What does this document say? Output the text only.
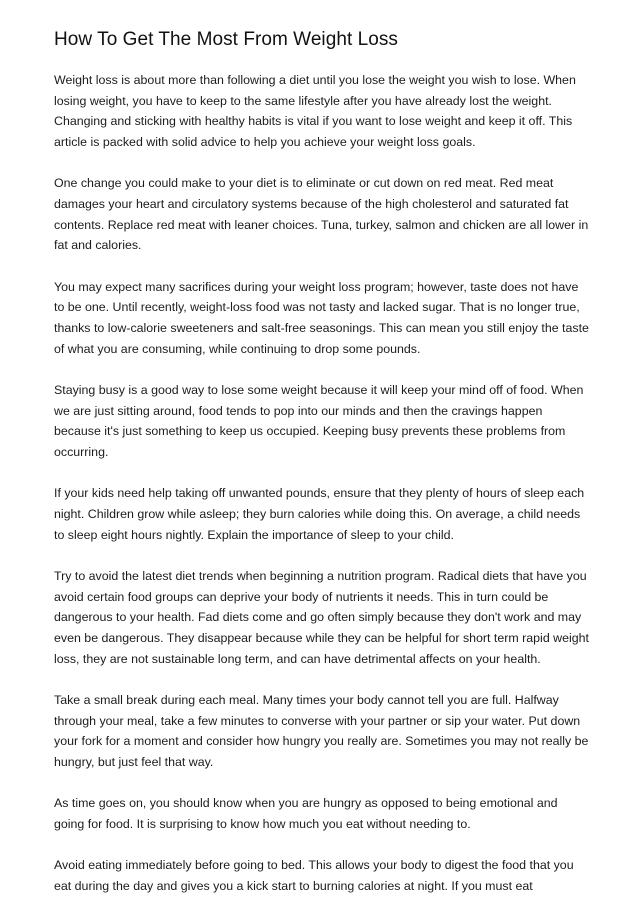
How To Get The Most From Weight Loss

Weight loss is about more than following a diet until you lose the weight you wish to lose. When losing weight, you have to keep to the same lifestyle after you have already lost the weight. Changing and sticking with healthy habits is vital if you want to lose weight and keep it off. This article is packed with solid advice to help you achieve your weight loss goals.

One change you could make to your diet is to eliminate or cut down on red meat. Red meat damages your heart and circulatory systems because of the high cholesterol and saturated fat contents. Replace red meat with leaner choices. Tuna, turkey, salmon and chicken are all lower in fat and calories.

You may expect many sacrifices during your weight loss program; however, taste does not have to be one. Until recently, weight-loss food was not tasty and lacked sugar. That is no longer true, thanks to low-calorie sweeteners and salt-free seasonings. This can mean you still enjoy the taste of what you are consuming, while continuing to drop some pounds.

Staying busy is a good way to lose some weight because it will keep your mind off of food. When we are just sitting around, food tends to pop into our minds and then the cravings happen because it's just something to keep us occupied. Keeping busy prevents these problems from occurring.

If your kids need help taking off unwanted pounds, ensure that they plenty of hours of sleep each night. Children grow while asleep; they burn calories while doing this. On average, a child needs to sleep eight hours nightly. Explain the importance of sleep to your child.

Try to avoid the latest diet trends when beginning a nutrition program. Radical diets that have you avoid certain food groups can deprive your body of nutrients it needs. This in turn could be dangerous to your health. Fad diets come and go often simply because they don't work and may even be dangerous. They disappear because while they can be helpful for short term rapid weight loss, they are not sustainable long term, and can have detrimental affects on your health.

Take a small break during each meal. Many times your body cannot tell you are full. Halfway through your meal, take a few minutes to converse with your partner or sip your water. Put down your fork for a moment and consider how hungry you really are. Sometimes you may not really be hungry, but just feel that way.

As time goes on, you should know when you are hungry as opposed to being emotional and going for food. It is surprising to know how much you eat without needing to.

Avoid eating immediately before going to bed. This allows your body to digest the food that you eat during the day and gives you a kick start to burning calories at night. If you must eat
